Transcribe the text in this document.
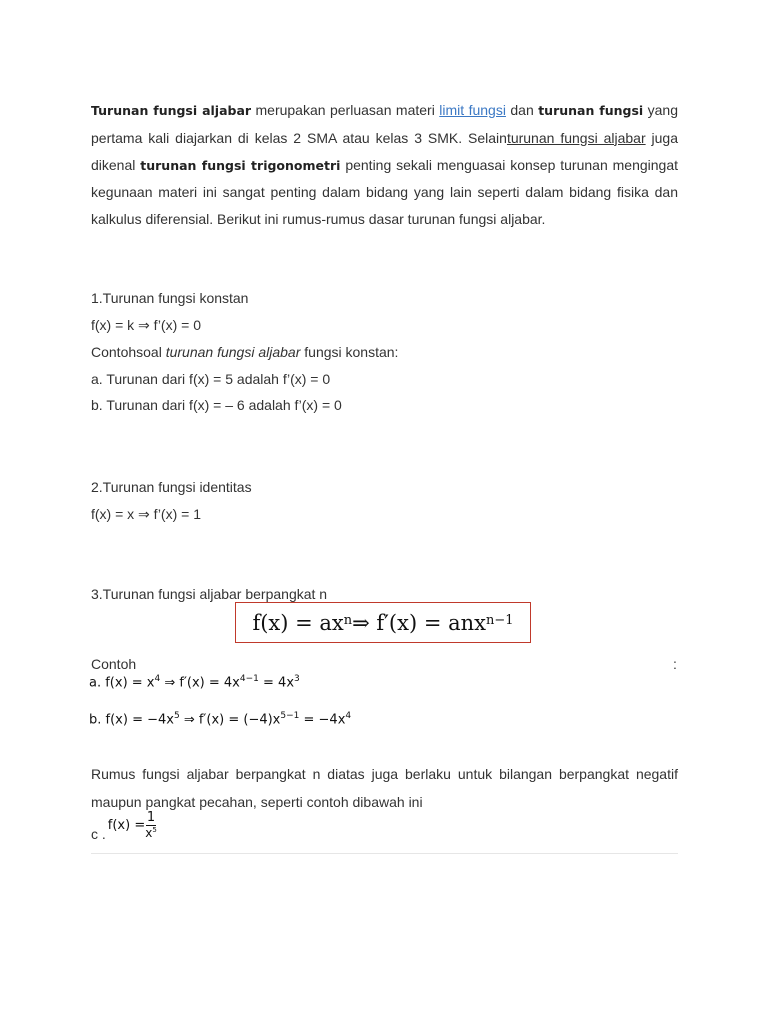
Turunan fungsi aljabar merupakan perluasan materi limit fungsi dan turunan fungsi yang pertama kali diajarkan di kelas 2 SMA atau kelas 3 SMK. Selainturunan fungsi aljabar juga dikenal turunan fungsi trigonometri penting sekali menguasai konsep turunan mengingat kegunaan materi ini sangat penting dalam bidang yang lain seperti dalam bidang fisika dan kalkulus diferensial. Berikut ini rumus-rumus dasar turunan fungsi aljabar.

1.Turunan fungsi konstan

f(x) = k ⇒ f’(x) = 0

Contohsoal turunan fungsi aljabar fungsi konstan:

a. Turunan dari f(x) = 5 adalah f’(x) = 0

b. Turunan dari f(x) = – 6 adalah f’(x) = 0

2.Turunan fungsi identitas

f(x) = x ⇒ f’(x) = 1

3.Turunan fungsi aljabar berpangkat n

$f(x) = ax^n$ ⇒ f′(x) = anx$^{n-1}$

Contoh	:
a. $f(x) = x^4$ ⇒ $f'(x) = 4x^{4-1} = 4x^3$
b. $f(x) = -4x^5$ ⇒ $f'(x) = (-4)x^{5-1} = -4x^4$

Rumus fungsi aljabar berpangkat n diatas juga berlaku untuk bilangan berpangkat negatif maupun pangkat pecahan, seperti contoh dibawah ini

c .
$f(x) = \frac{1}{x^5}$
